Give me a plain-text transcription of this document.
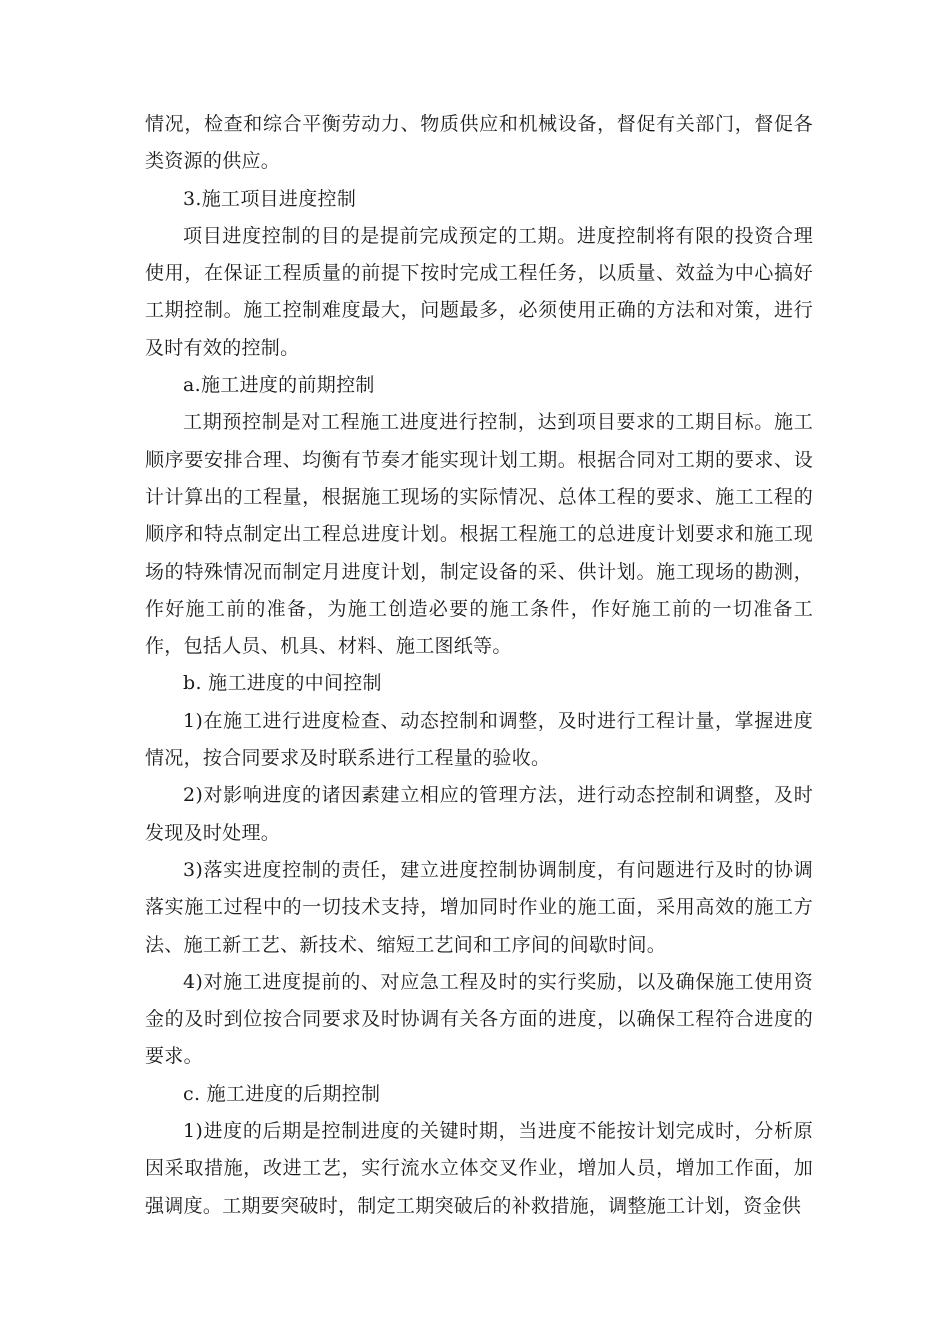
情况，检查和综合平衡劳动力、物质供应和机械设备，督促有关部门，督促各类资源的供应。

3.施工项目进度控制

项目进度控制的目的是提前完成预定的工期。进度控制将有限的投资合理使用，在保证工程质量的前提下按时完成工程任务，以质量、效益为中心搞好工期控制。施工控制难度最大，问题最多，必须使用正确的方法和对策，进行及时有效的控制。

a.施工进度的前期控制

工期预控制是对工程施工进度进行控制，达到项目要求的工期目标。施工顺序要安排合理、均衡有节奏才能实现计划工期。根据合同对工期的要求、设计计算出的工程量，根据施工现场的实际情况、总体工程的要求、施工工程的顺序和特点制定出工程总进度计划。根据工程施工的总进度计划要求和施工现场的特殊情况而制定月进度计划，制定设备的采、供计划。施工现场的勘测，作好施工前的准备，为施工创造必要的施工条件，作好施工前的一切准备工作，包括人员、机具、材料、施工图纸等。

b. 施工进度的中间控制

1)在施工进行进度检查、动态控制和调整，及时进行工程计量，掌握进度情况，按合同要求及时联系进行工程量的验收。

2)对影响进度的诸因素建立相应的管理方法，进行动态控制和调整，及时发现及时处理。

3)落实进度控制的责任，建立进度控制协调制度，有问题进行及时的协调落实施工过程中的一切技术支持，增加同时作业的施工面，采用高效的施工方法、施工新工艺、新技术、缩短工艺间和工序间的间歇时间。

4)对施工进度提前的、对应急工程及时的实行奖励，以及确保施工使用资金的及时到位按合同要求及时协调有关各方面的进度，以确保工程符合进度的要求。

c. 施工进度的后期控制

1)进度的后期是控制进度的关键时期，当进度不能按计划完成时，分析原因采取措施，改进工艺，实行流水立体交叉作业，增加人员，增加工作面，加强调度。工期要突破时，制定工期突破后的补救措施，调整施工计划，资金供
